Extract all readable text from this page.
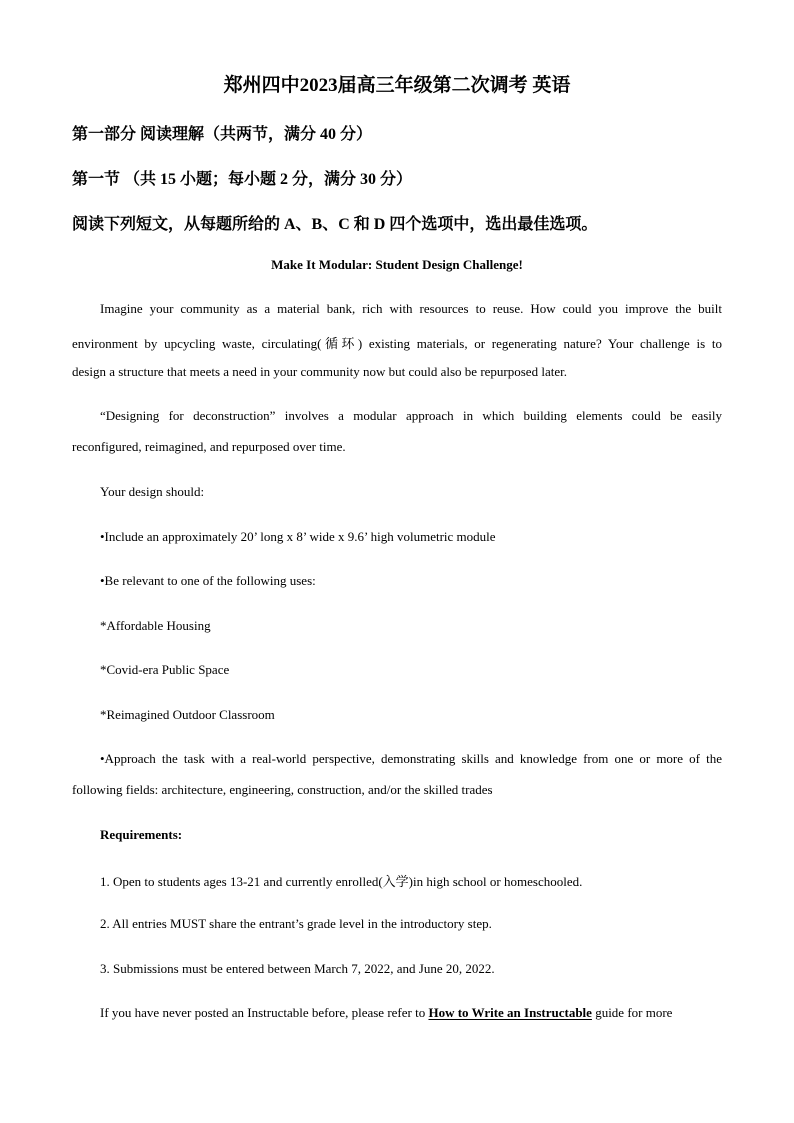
郑州四中2023届高三年级第二次调考 英语
第一部分 阅读理解（共两节，满分 40 分）
第一节 （共 15 小题；每小题 2 分，满分 30 分）
阅读下列短文，从每题所给的 A、B、C 和 D 四个选项中，选出最佳选项。
Make It Modular: Student Design Challenge!
Imagine your community as a material bank, rich with resources to reuse. How could you improve the built
environment by upcycling waste, circulating(循环) existing materials, or regenerating nature? Your challenge is to
design a structure that meets a need in your community now but could also be repurposed later.
“Designing for deconstruction” involves a modular approach in which building elements could be easily
reconfigured, reimagined, and repurposed over time.
Your design should:
•Include an approximately 20’ long x 8’ wide x 9.6’ high volumetric module
•Be relevant to one of the following uses:
*Affordable Housing
*Covid-era Public Space
*Reimagined Outdoor Classroom
•Approach the task with a real-world perspective, demonstrating skills and knowledge from one or more of the
following fields: architecture, engineering, construction, and/or the skilled trades
Requirements:
1. Open to students ages 13-21 and currently enrolled(入学)in high school or homeschooled.
2. All entries MUST share the entrant’s grade level in the introductory step.
3. Submissions must be entered between March 7, 2022, and June 20, 2022.
If you have never posted an Instructable before, please refer to How to Write an Instructable guide for more
